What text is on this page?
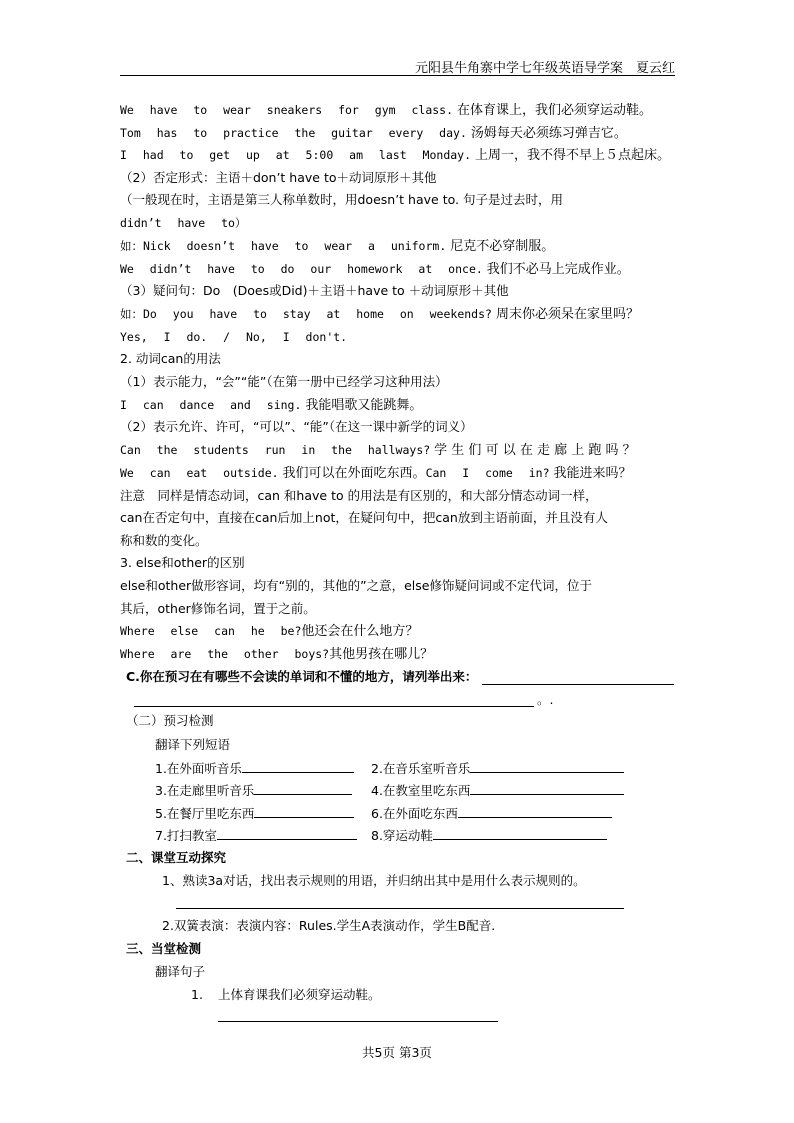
元阳县牛角寨中学七年级英语导学案　夏云红
We have to wear sneakers for gym class. 在体育课上，我们必须穿运动鞋。
Tom has to practice the guitar every day. 汤姆每天必须练习弹吉它。
I had to get up at 5:00 am last Monday. 上周一，我不得不早上５点起床。
（2）否定形式：主语＋don’t have to＋动词原形＋其他
（一般现在时，主语是第三人称单数时，用doesn’t have to. 句子是过去时，用
didn’t have to）
如：Nick doesn’t have to wear a uniform. 尼克不必穿制服。
We didn’t have to do our homework at once. 我们不必马上完成作业。
（3）疑问句：Do　(Does或Did)＋主语＋have to ＋动词原形＋其他
如：Do you have to stay at home on weekends? 周末你必须呆在家里吗？
Yes, I do. / No, I don't.
2. 动词can的用法
（1）表示能力，“会”“能”（在第一册中已经学习这种用法）
I can dance and sing. 我能唱歌又能跳舞。
（2）表示允许、许可，“可以”、“能”（在这一课中新学的词义）
Can the students run in the hallways? 学 生 们 可 以 在 走 廊 上 跑 吗 ？
We can eat outside. 我们可以在外面吃东西。Can I come in? 我能进来吗？
注意　同样是情态动词，can 和have to 的用法是有区别的，和大部分情态动词一样，
can在否定句中，直接在can后加上not，在疑问句中，把can放到主语前面，并且没有人
称和数的变化。
3. else和other的区别
else和other做形容词，均有“别的，其他的”之意，else修饰疑问词或不定代词，位于
其后，other修饰名词，置于之前。
Where else can he be?他还会在什么地方？
Where are the other boys?其他男孩在哪儿？
C.你在预习在有哪些不会读的单词和不懂的地方，请列举出来：
。.
（二）预习检测
翻译下列短语
1.在外面听音乐	2.在音乐室听音乐
3.在走廊里听音乐	4.在教室里吃东西
5.在餐厅里吃东西	6.在外面吃东西
7.打扫教室	8.穿运动鞋
二、课堂互动探究
1、熟读3a对话，找出表示规则的用语，并归纳出其中是用什么表示规则的。
2.双簧表演：表演内容：Rules.学生A表演动作，学生B配音.
三、当堂检测
翻译句子
1. 上体育课我们必须穿运动鞋。
共5页 第3页
